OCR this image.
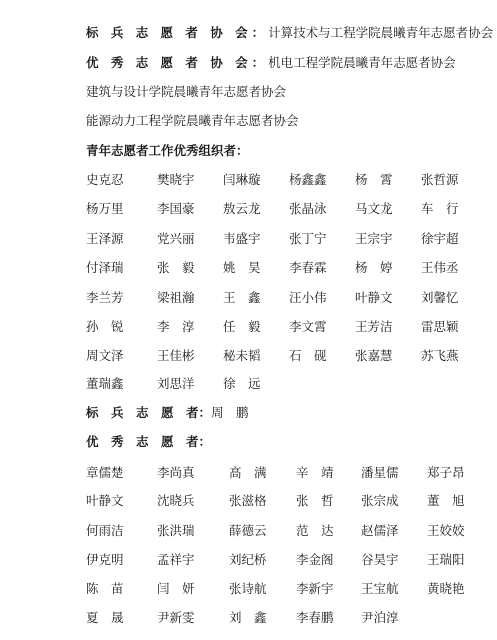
标 兵 志 愿 者 协 会：计算技术与工程学院晨曦青年志愿者协会
优 秀 志 愿 者 协 会：机电工程学院晨曦青年志愿者协会
建筑与设计学院晨曦青年志愿者协会
能源动力工程学院晨曦青年志愿者协会
青年志愿者工作优秀组织者：
史克忍	樊晓宇 闫琳璇 杨鑫鑫 杨　霄 张哲源
杨万里	李国豪 敖云龙 张晶泳 马文龙 车　行
王泽源	党兴丽 韦盛宇 张丁宁 王宗宇 徐宇超
付泽瑞	张　毅 姚　昊 李春霖 杨　婷 王伟丞
李兰芳	梁祖瀚 王　鑫 汪小伟 叶静文 刘馨忆
孙　锐	李　淳 任　毅 李文霄 王芳洁 雷思颖
周文泽	王佳彬 秘未韬 石　砚 张嘉慧 苏飞燕
董瑞鑫	刘思洋 徐　远
标　兵　志　愿　者：周　鹏
优　秀　志　愿　者：
章儒楚	李尚真	高　满 辛　靖 潘星儒 郑子昂
叶静文	沈晓兵	张滋格 张　哲 张宗成 董　旭
何雨洁	张洪瑞	薛德云 范　达 赵儒泽 王姣姣
伊克明	孟祥宇	刘纪桥 李金阁 谷昊宇 王瑞阳
陈　苗	闫　妍	张诗航 李新宇 王宝航 黄晓艳
夏　晟	尹新雯	刘　鑫 李春鹏 尹泊淳
